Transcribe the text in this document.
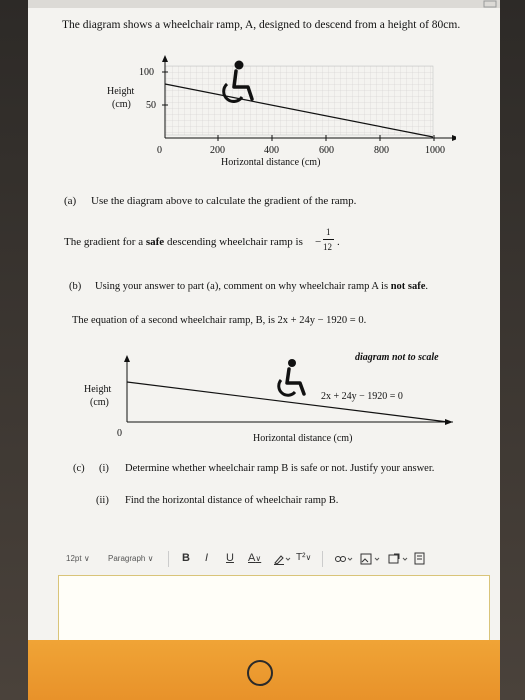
The diagram shows a wheelchair ramp, A, designed to descend from a height of 80cm.
100
50
Height
(cm)
0	200	400	600	800	1000
Horizontal distance (cm)
(a) Use the diagram above to calculate the gradient of the ramp.
The gradient for a safe descending wheelchair ramp is −
1
12 .
(b) Using your answer to part (a), comment on why wheelchair ramp A is not safe.
The equation of a second wheelchair ramp, B, is 2x + 24y − 1920 = 0.
diagram not to scale
Height
(cm)
0
2x + 24y − 1920 = 0
Horizontal distance (cm)
(c) (i) Determine whether wheelchair ramp B is safe or not. Justify your answer.
(ii) Find the horizontal distance of wheelchair ramp B.
12pt ∨ Paragraph ∨	B I U A∨	T²∨
